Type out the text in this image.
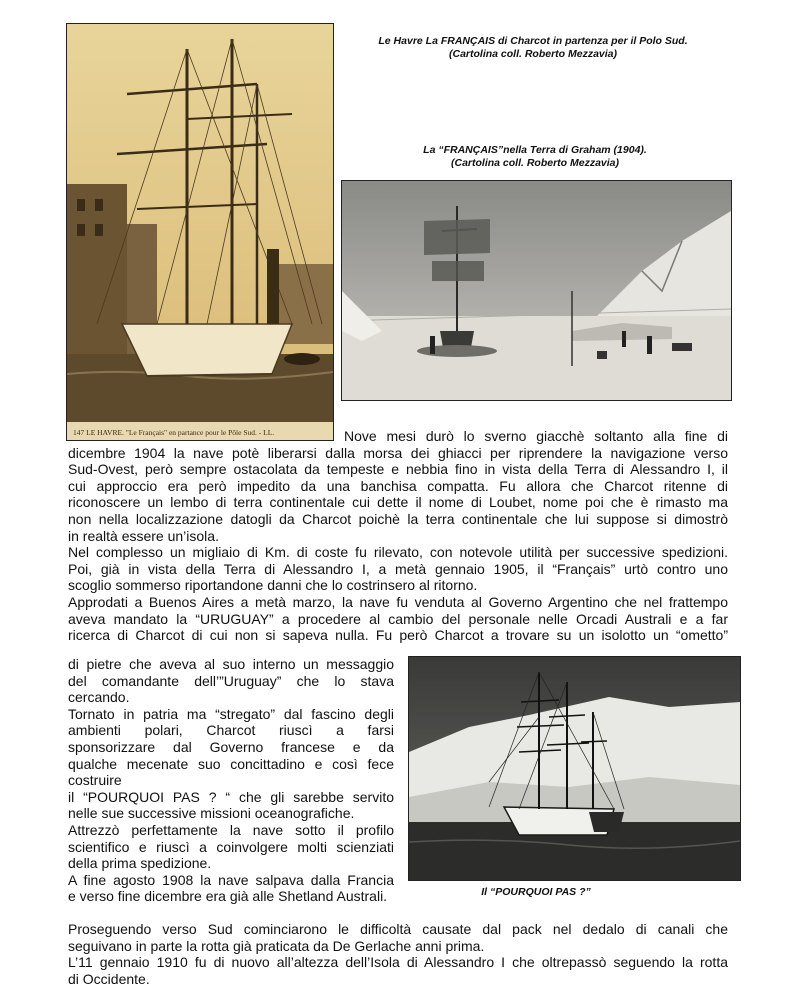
147 LE HAVRE. "Le Français" en partance pour le Pôle Sud. - LL.
Le Havre La FRANÇAIS di Charcot in partenza per il Polo Sud.
(Cartolina coll. Roberto Mezzavia)
La “FRANÇAIS”nella Terra di Graham (1904).
(Cartolina coll. Roberto Mezzavia)
Il “POURQUOI PAS ?”
Nove mesi durò lo sverno giacchè soltanto alla fine di
dicembre 1904 la nave potè liberarsi dalla morsa dei ghiacci per riprendere la navigazione verso
Sud-Ovest, però sempre ostacolata da tempeste e nebbia fino in vista della Terra di Alessandro I, il
cui approccio era però impedito da una banchisa compatta. Fu allora che Charcot ritenne di
riconoscere un lembo di terra continentale cui dette il nome di Loubet, nome poi che è rimasto ma
non nella localizzazione datogli da Charcot poichè la terra continentale che lui suppose si dimostrò
in realtà essere un’isola.
Nel complesso un migliaio di Km. di coste fu rilevato, con notevole utilità per successive spedizioni.
Poi, già in vista della Terra di Alessandro I, a metà gennaio 1905, il “Français” urtò contro uno
scoglio sommerso riportandone danni che lo costrinsero al ritorno.
Approdati a Buenos Aires a metà marzo, la nave fu venduta al Governo Argentino che nel frattempo
aveva mandato la “URUGUAY” a procedere al cambio del personale nelle Orcadi Australi e a far
ricerca di Charcot di cui non si sapeva nulla. Fu però Charcot a trovare su un isolotto un “ometto”
di pietre che aveva al suo interno un messaggio
del comandante dell’”Uruguay” che lo stava
cercando.
Tornato in patria ma “stregato” dal fascino degli
ambienti polari, Charcot riuscì a farsi
sponsorizzare dal Governo francese e da
qualche mecenate suo concittadino e così fece
costruire
il “POURQUOI PAS ? “ che gli sarebbe servito
nelle sue successive missioni oceanografiche.
Attrezzò perfettamente la nave sotto il profilo
scientifico e riuscì a coinvolgere molti scienziati
della prima spedizione.
A fine agosto 1908 la nave salpava dalla Francia
e verso fine dicembre era già alle Shetland Australi.
Proseguendo verso Sud cominciarono le difficoltà causate dal pack nel dedalo di canali che
seguivano in parte la rotta già praticata da De Gerlache anni prima.
L’11 gennaio 1910 fu di nuovo all’altezza dell’Isola di Alessandro I che oltrepassò seguendo la rotta
di Occidente.
